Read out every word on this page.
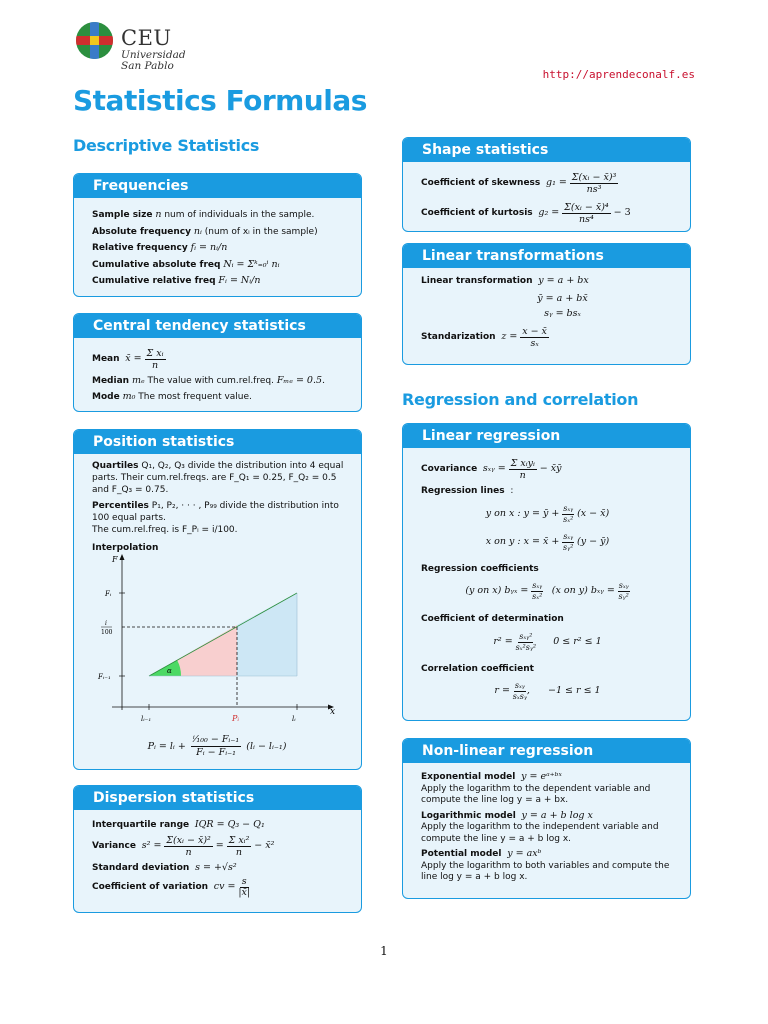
CEU
Universidad
San Pablo
http://aprendeconalf.es
Statistics Formulas
Descriptive Statistics
Regression and correlation
Frequencies
Sample size n num of individuals in the sample.
Absolute frequency nᵢ (num of xᵢ in the sample)
Relative frequency fᵢ = nᵢ/n
Cumulative absolute freq Nᵢ = Σᵏ₌₀ⁱ nᵢ
Cumulative relative freq Fᵢ = Nᵢ/n
Central tendency statistics
Mean
x̄ =
$\frac{\text{Σ xᵢ}}{n}$
Median mₑ The value with cum.rel.freq. Fₘₑ = 0.5.
Mode m₀ The most frequent value.
Position statistics
Quartiles Q₁, Q₂, Q₃ divide the distribution into 4 equal parts. Their cum.rel.freqs. are F_Q₁ = 0.25, F_Q₂ = 0.5 and F_Q₃ = 0.75.
Percentiles P₁, P₂, · · · , P₉₉ divide the distribution into 100 equal parts.
The cum.rel.freq. is F_Pᵢ = i/100.
Interpolation
F
x
Fᵢ
i
100
Fᵢ₋₁
lᵢ₋₁	Pᵢ	lᵢ
α
Pᵢ = lᵢ +
$\frac{\text{ⁱ⁄₁₀₀ − Fᵢ₋₁}}{\text{Fᵢ − Fᵢ₋₁}}$
(lᵢ − lᵢ₋₁)
Dispersion statistics
Interquartile range IQR = Q₃ − Q₁
Variance
s² =
$\frac{\text{Σ(xᵢ − x̄)²}}{n}$
=
$\frac{\text{Σ xᵢ²}}{n}$
− x̄²
Standard deviation s = +√s²
Coefficient of variation
cv =
$\frac{s}{|x̄|}$
Shape statistics
Coefficient of skewness
g₁ =
$\frac{\text{Σ(xᵢ − x̄)³}}{\text{ns³}}$
Coefficient of kurtosis
g₂ =
$\frac{\text{Σ(xᵢ − x̄)⁴}}{\text{ns⁴}}$
− 3
Linear transformations
Linear transformation y = a + bx
ȳ = a + bx̄
sᵧ = bsₓ
Standarization
z =
$\frac{x - x̄}{\text{sₓ}}$
Linear regression
Covariance
sₓᵧ =
Σ xᵢyᵢ
n

− x̄ȳ
Regression lines :
y on x : y = ȳ +
sₓᵧ
sₓ²
(x − x̄)
x on y : x = x̄ +
sₓᵧ
sᵧ²
(y − ȳ)
Regression coefficients
(y on x) bᵧₓ =
sₓᵧ
sₓ²
(x on y) bₓᵧ =
sₓᵧ
sᵧ²
Coefficient of determination
r² =
sₓᵧ²
sₓ²sᵧ²
0 ≤ r² ≤ 1
Correlation coefficient
r =
sₓᵧ
sₓsᵧ ,      −1 ≤ r ≤ 1
Non-linear regression
Exponential model y = eᵃ⁺ᵇˣ
Apply the logarithm to the dependent variable and compute the line log y = a + bx.
Logarithmic model y = a + b log x
Apply the logarithm to the independent variable and compute the line y = a + b log x.
Potential model y = axᵇ
Apply the logarithm to both variables and compute the line log y = a + b log x.
1
